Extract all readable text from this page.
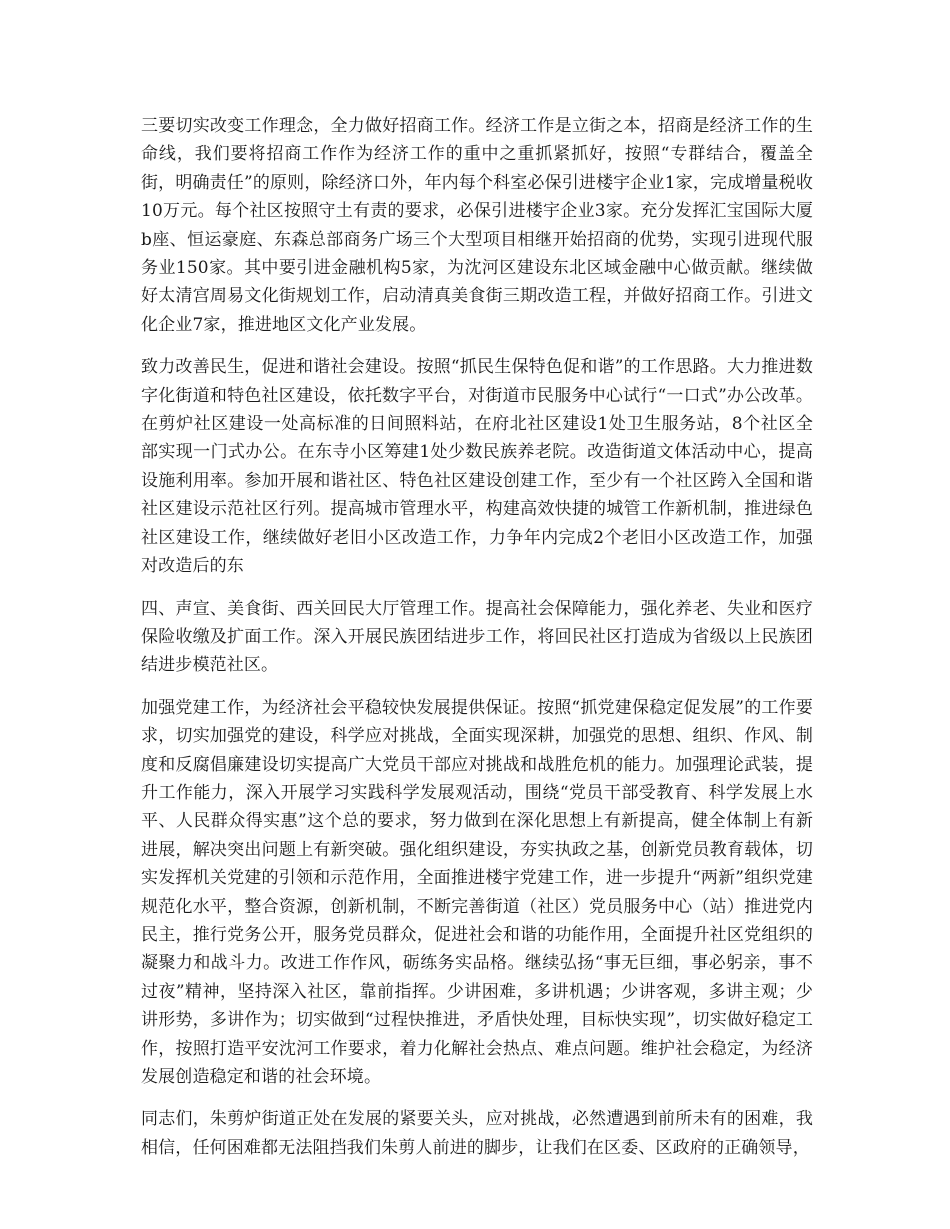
三要切实改变工作理念，全力做好招商工作。经济工作是立街之本，招商是经济工作的生命线，我们要将招商工作作为经济工作的重中之重抓紧抓好，按照“专群结合，覆盖全街，明确责任”的原则，除经济口外，年内每个科室必保引进楼宇企业1家，完成增量税收10万元。每个社区按照守土有责的要求，必保引进楼宇企业3家。充分发挥汇宝国际大厦b座、恒运豪庭、东森总部商务广场三个大型项目相继开始招商的优势，实现引进现代服务业150家。其中要引进金融机构5家，为沈河区建设东北区域金融中心做贡献。继续做好太清宫周易文化街规划工作，启动清真美食街三期改造工程，并做好招商工作。引进文化企业7家，推进地区文化产业发展。

致力改善民生，促进和谐社会建设。按照“抓民生保特色促和谐”的工作思路。大力推进数字化街道和特色社区建设，依托数字平台，对街道市民服务中心试行“一口式”办公改革。在剪炉社区建设一处高标准的日间照料站，在府北社区建设1处卫生服务站，8个社区全部实现一门式办公。在东寺小区筹建1处少数民族养老院。改造街道文体活动中心，提高设施利用率。参加开展和谐社区、特色社区建设创建工作，至少有一个社区跨入全国和谐社区建设示范社区行列。提高城市管理水平，构建高效快捷的城管工作新机制，推进绿色社区建设工作，继续做好老旧小区改造工作，力争年内完成2个老旧小区改造工作，加强对改造后的东

四、声宣、美食街、西关回民大厅管理工作。提高社会保障能力，强化养老、失业和医疗保险收缴及扩面工作。深入开展民族团结进步工作，将回民社区打造成为省级以上民族团结进步模范社区。

加强党建工作，为经济社会平稳较快发展提供保证。按照“抓党建保稳定促发展”的工作要求，切实加强党的建设，科学应对挑战，全面实现深耕，加强党的思想、组织、作风、制度和反腐倡廉建设切实提高广大党员干部应对挑战和战胜危机的能力。加强理论武装，提升工作能力，深入开展学习实践科学发展观活动，围绕“党员干部受教育、科学发展上水平、人民群众得实惠”这个总的要求，努力做到在深化思想上有新提高，健全体制上有新进展，解决突出问题上有新突破。强化组织建设，夯实执政之基，创新党员教育载体，切实发挥机关党建的引领和示范作用，全面推进楼宇党建工作，进一步提升“两新”组织党建规范化水平，整合资源，创新机制，不断完善街道（社区）党员服务中心（站）推进党内民主，推行党务公开，服务党员群众，促进社会和谐的功能作用，全面提升社区党组织的凝聚力和战斗力。改进工作作风，砺练务实品格。继续弘扬“事无巨细，事必躬亲，事不过夜”精神，坚持深入社区，靠前指挥。少讲困难，多讲机遇；少讲客观，多讲主观；少讲形势，多讲作为；切实做到“过程快推进，矛盾快处理，目标快实现”，切实做好稳定工作，按照打造平安沈河工作要求，着力化解社会热点、难点问题。维护社会稳定，为经济发展创造稳定和谐的社会环境。

同志们，朱剪炉街道正处在发展的紧要关头，应对挑战，必然遭遇到前所未有的困难，我相信，任何困难都无法阻挡我们朱剪人前进的脚步，让我们在区委、区政府的正确领导，
